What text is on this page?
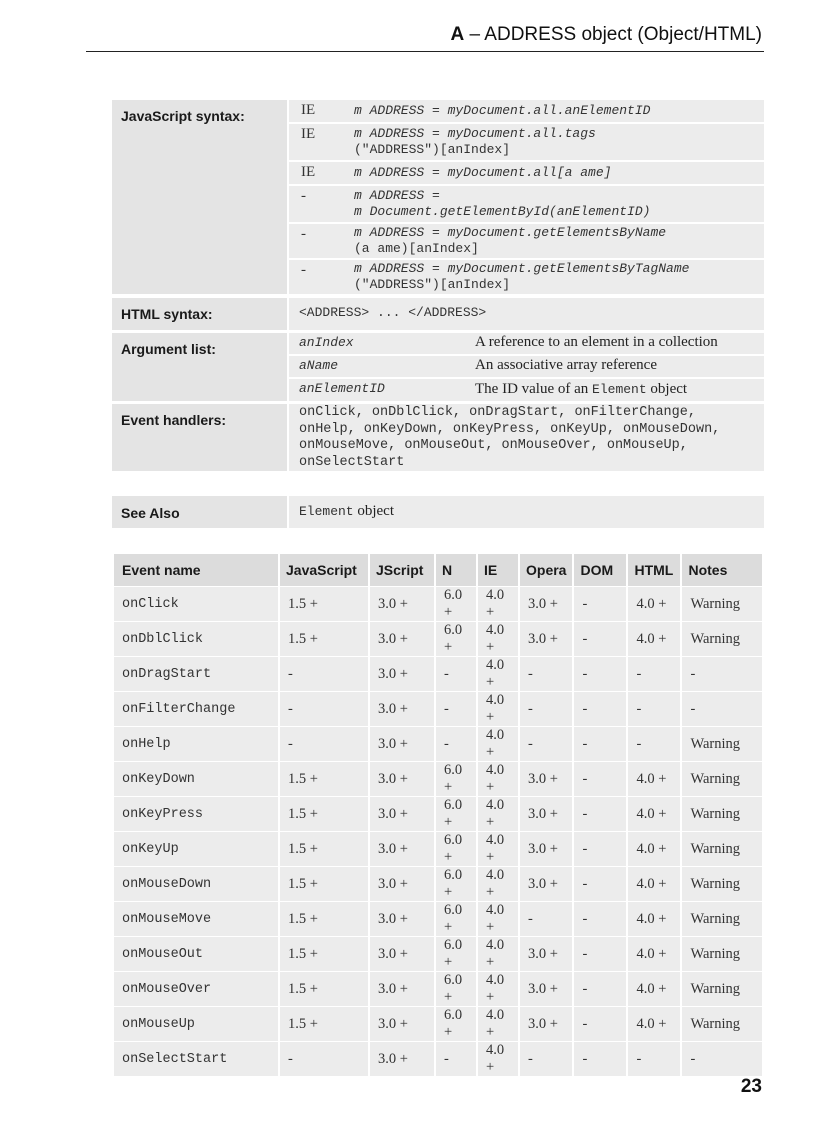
A – ADDRESS object (Object/HTML)
JavaScript syntax:	IE	m ADDRESS = myDocument.all.anElementID
IE	m ADDRESS = myDocument.all.tags
("ADDRESS")[anIndex]
IE	m ADDRESS = myDocument.all[a ame]
-	m ADDRESS =
m Document.getElementById(anElementID)
-	m ADDRESS = myDocument.getElementsByName
(a ame)[anIndex]
-	m ADDRESS = myDocument.getElementsByTagName
("ADDRESS")[anIndex]
HTML syntax:	<ADDRESS> ... </ADDRESS>
Argument list:	anIndex	A reference to an element in a collection
aName	An associative array reference
anElementID	The ID value of an Element object
Event handlers:	onClick, onDblClick, onDragStart, onFilterChange,
onHelp, onKeyDown, onKeyPress, onKeyUp, onMouseDown,
onMouseMove, onMouseOut, onMouseOver, onMouseUp,
onSelectStart
See Also	Element object
Event name	JavaScript	JScript	N	IE	Opera	DOM	HTML	Notes
onClick	1.5 +	3.0 +	6.0 +	4.0 +	3.0 +	-	4.0 +	Warning
onDblClick	1.5 +	3.0 +	6.0 +	4.0 +	3.0 +	-	4.0 +	Warning
onDragStart	-	3.0 +	-	4.0 +	-	-	-	-
onFilterChange	-	3.0 +	-	4.0 +	-	-	-	-
onHelp	-	3.0 +	-	4.0 +	-	-	-	Warning
onKeyDown	1.5 +	3.0 +	6.0 +	4.0 +	3.0 +	-	4.0 +	Warning
onKeyPress	1.5 +	3.0 +	6.0 +	4.0 +	3.0 +	-	4.0 +	Warning
onKeyUp	1.5 +	3.0 +	6.0 +	4.0 +	3.0 +	-	4.0 +	Warning
onMouseDown	1.5 +	3.0 +	6.0 +	4.0 +	3.0 +	-	4.0 +	Warning
onMouseMove	1.5 +	3.0 +	6.0 +	4.0 +	-	-	4.0 +	Warning
onMouseOut	1.5 +	3.0 +	6.0 +	4.0 +	3.0 +	-	4.0 +	Warning
onMouseOver	1.5 +	3.0 +	6.0 +	4.0 +	3.0 +	-	4.0 +	Warning
onMouseUp	1.5 +	3.0 +	6.0 +	4.0 +	3.0 +	-	4.0 +	Warning
onSelectStart	-	3.0 +	-	4.0 +	-	-	-	-
23
